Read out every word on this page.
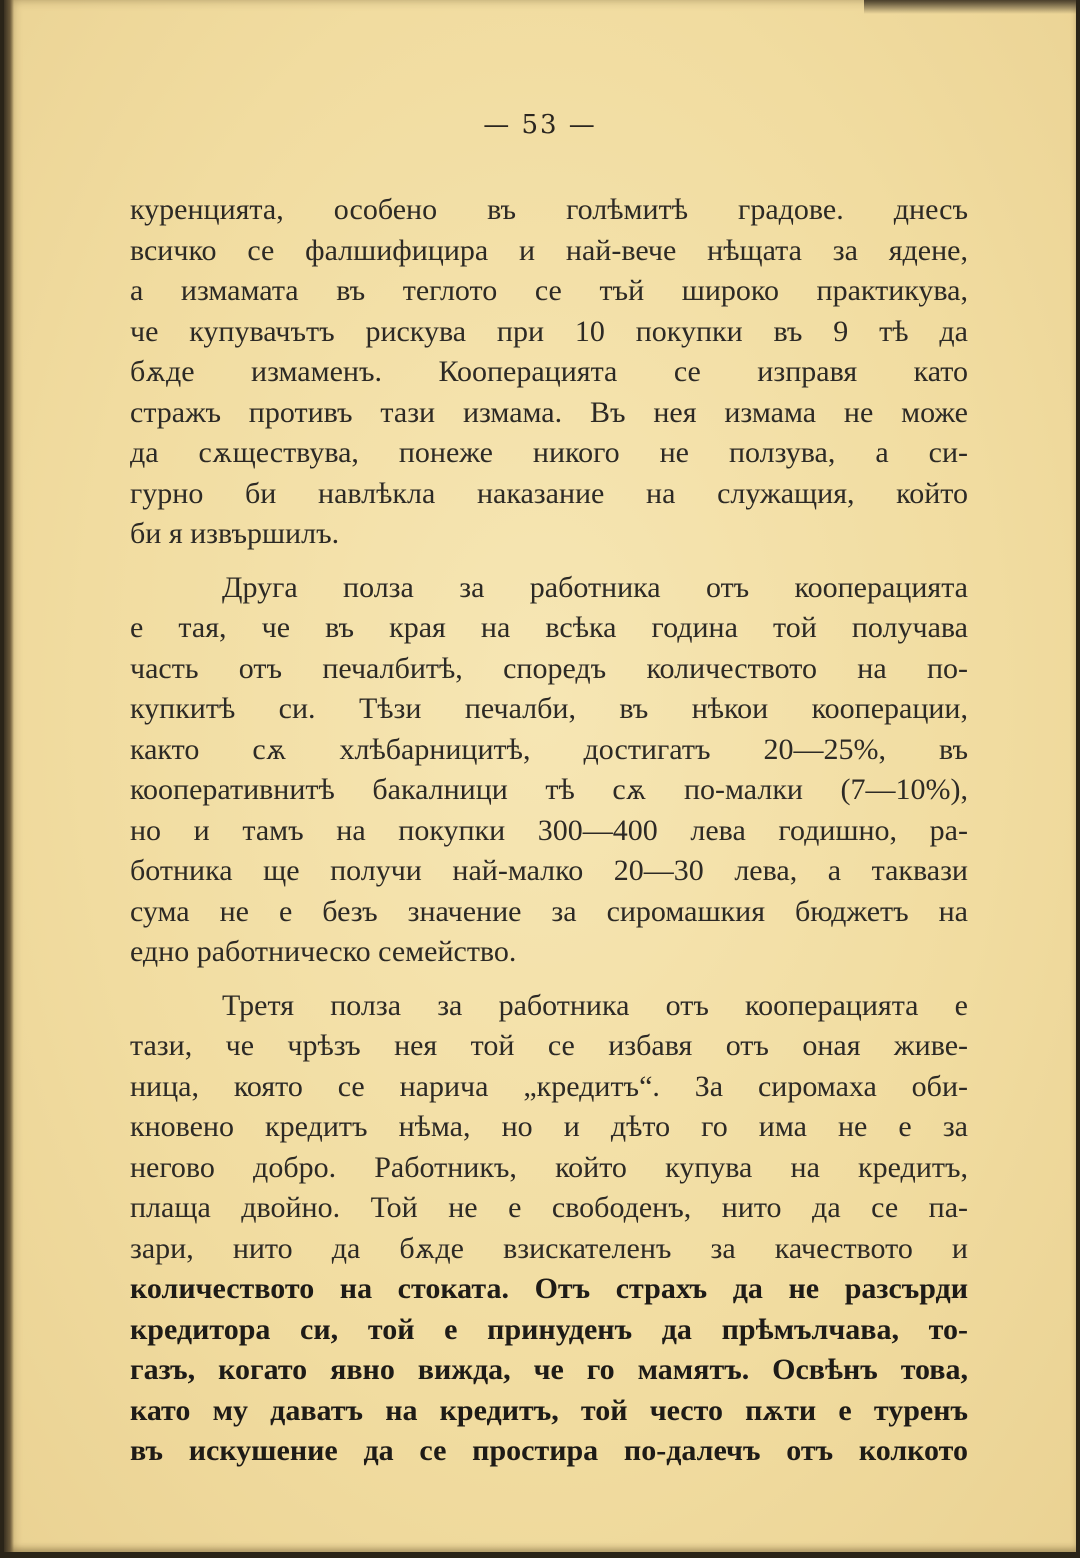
— 53 —
куренцията, особено въ голѣмитѣ градове. днесъ
всичко се фалшифицира и най-вече нѣщата за ядене,
а измамата въ теглото се тъй широко практикува,
че купувачътъ рискува при 10 покупки въ 9 тѣ да
бѫде измаменъ. Кооперацията се изправя като
стражъ противъ тази измама. Въ нея измама не може
да сѫществува, понеже никого не ползува, а си-
гурно би навлѣкла наказание на служащия, който
би я извършилъ.
Друга полза за работника отъ кооперацията
е тая, че въ края на всѣка година той получава
часть отъ печалбитѣ, споредъ количеството на по-
купкитѣ си. Тѣзи печалби, въ нѣкои кооперации,
както сѫ хлѣбарницитѣ, достигатъ 20—25%, въ
кооперативнитѣ бакалници тѣ сѫ по-малки (7—10%),
но и тамъ на покупки 300—400 лева годишно, ра-
ботника ще получи най-малко 20—30 лева, а таквази
сума не е безъ значение за сиромашкия бюджетъ на
едно работническо семейство.
Третя полза за работника отъ кооперацията е
тази, че чрѣзъ нея той се избавя отъ оная живе-
ница, която се нарича „кредитъ“. За сиромаха оби-
кновено кредитъ нѣма, но и дѣто го има не е за
негово добро. Работникъ, който купува на кредитъ,
плаща двойно. Той не е свободенъ, нито да се па-
зари, нито да бѫде взискателенъ за качеството и
количеството на стоката. Отъ страхъ да не разсърди
кредитора си, той е принуденъ да прѣмълчава, то-
газъ, когато явно вижда, че го мамятъ. Освѣнъ това,
като му даватъ на кредитъ, той често пѫти е туренъ
въ искушение да се простира по-далечъ отъ колкото
